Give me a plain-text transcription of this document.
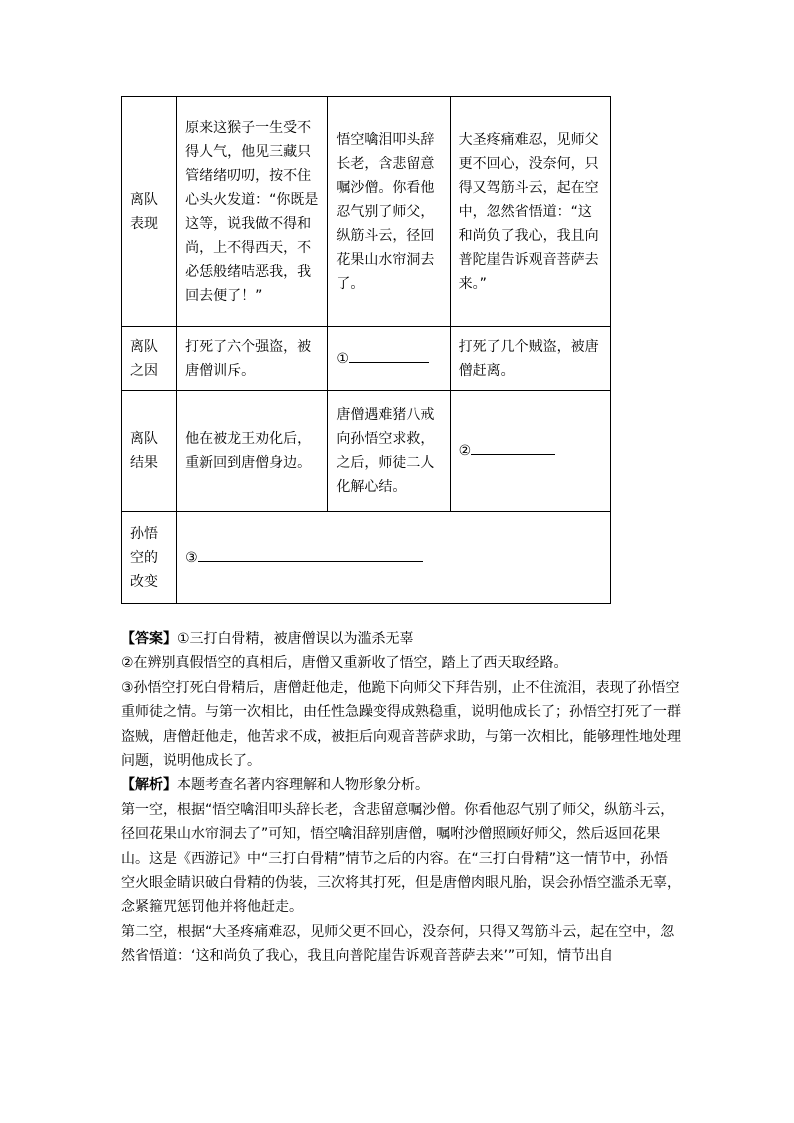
离队表现	原来这猴子一生受不得人气，他见三藏只管绪绪叨叨，按不住心头火发道：“你既是这等，说我做不得和尚，上不得西天，不必恁般绪咭恶我，我回去便了！”	悟空噙泪叩头辞长老，含悲留意嘱沙僧。你看他忍气别了师父，纵筋斗云，径回花果山水帘洞去了。	大圣疼痛难忍，见师父更不回心，没奈何，只得又驾筋斗云，起在空中，忽然省悟道：“这和尚负了我心，我且向普陀崖告诉观音菩萨去来。”
离队之因	打死了六个强盗，被唐僧训斥。	①	打死了几个贼盗，被唐僧赶离。
离队结果	他在被龙王劝化后，重新回到唐僧身边。	唐僧遇难猪八戒向孙悟空求救，之后，师徒二人化解心结。	②
孙悟空的改变	③		

【答案】①三打白骨精，被唐僧误以为滥杀无辜

②在辨别真假悟空的真相后，唐僧又重新收了悟空，踏上了西天取经路。

③孙悟空打死白骨精后，唐僧赶他走，他跪下向师父下拜告别，止不住流泪，表现了孙悟空重师徒之情。与第一次相比，由任性急躁变得成熟稳重，说明他成长了；孙悟空打死了一群盗贼，唐僧赶他走，他苦求不成，被拒后向观音菩萨求助，与第一次相比，能够理性地处理问题，说明他成长了。

【解析】本题考查名著内容理解和人物形象分析。

第一空，根据“悟空噙泪叩头辞长老，含悲留意嘱沙僧。你看他忍气别了师父，纵筋斗云，径回花果山水帘洞去了”可知，悟空噙泪辞别唐僧，嘱咐沙僧照顾好师父，然后返回花果山。这是《西游记》中“三打白骨精”情节之后的内容。在“三打白骨精”这一情节中，孙悟空火眼金睛识破白骨精的伪装，三次将其打死，但是唐僧肉眼凡胎，误会孙悟空滥杀无辜，念紧箍咒惩罚他并将他赶走。

第二空，根据“大圣疼痛难忍，见师父更不回心，没奈何，只得又驾筋斗云，起在空中，忽然省悟道：‘这和尚负了我心，我且向普陀崖告诉观音菩萨去来’”可知，情节出自
